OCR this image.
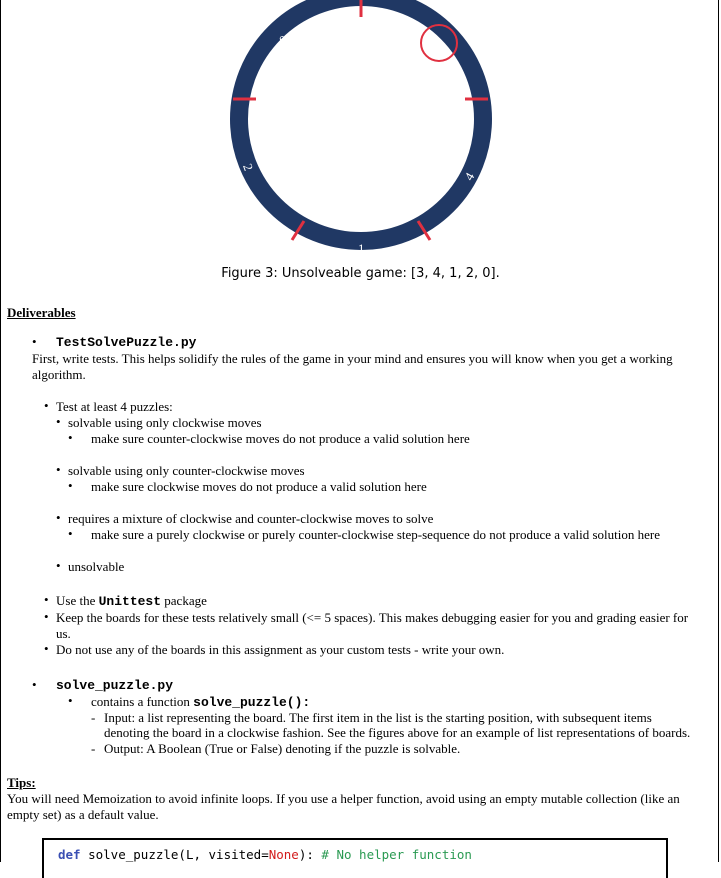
0	3
2
4
1
Figure 3: Unsolveable game: [3, 4, 1, 2, 0].
Deliverables
• TestSolvePuzzle.py
First, write tests. This helps solidify the rules of the game in your mind and ensures you will know when you get a working
algorithm.
• Test at least 4 puzzles:
• solvable using only clockwise moves
• make sure counter-clockwise moves do not produce a valid solution here
• solvable using only counter-clockwise moves
• make sure clockwise moves do not produce a valid solution here
• requires a mixture of clockwise and counter-clockwise moves to solve
• make sure a purely clockwise or purely counter-clockwise step-sequence do not produce a valid solution here
• unsolvable
• Use the Unittest package
• Keep the boards for these tests relatively small (<= 5 spaces). This makes debugging easier for you and grading easier for
us.
• Do not use any of the boards in this assignment as your custom tests - write your own.
• solve_puzzle.py
• contains a function solve_puzzle():
- Input: a list representing the board. The first item in the list is the starting position, with subsequent items
denoting the board in a clockwise fashion. See the figures above for an example of list representations of boards.
- Output: A Boolean (True or False) denoting if the puzzle is solvable.
Tips:
You will need Memoization to avoid infinite loops. If you use a helper function, avoid using an empty mutable collection (like an
empty set) as a default value.
def solve_puzzle(L, visited=None): # No helper function
